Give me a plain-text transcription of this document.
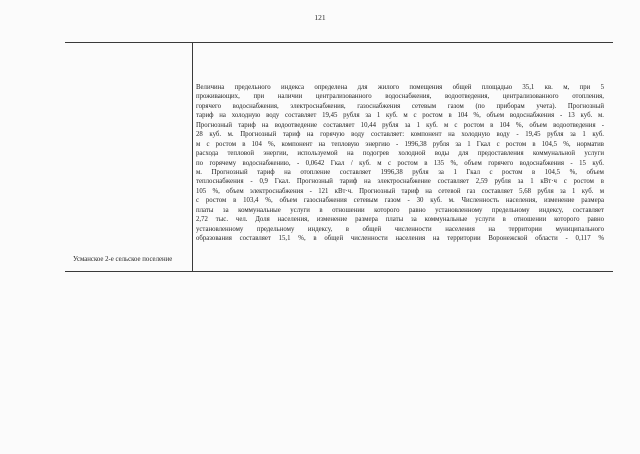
121
Усманское 2-е сельское поселение
Величина предельного индекса определена для жилого помещения общей площадью 35,1 кв. м, при 5
проживающих, при наличии централизованного водоснабжения, водоотведения, централизованного отопления,
горячего водоснабжения, электроснабжения, газоснабжения сетевым газом (по приборам учета). Прогнозный
тариф на холодную воду составляет 19,45 рубля за 1 куб. м с ростом в 104 %, объем водоснабжения - 13 куб. м.
Прогнозный тариф на водоотведение составляет 10,44 рубля за 1 куб. м с ростом в 104 %, объем водоотведения -
28 куб. м. Прогнозный тариф на горячую воду составляет: компонент на холодную воду - 19,45 рубля за 1 куб.
м с ростом в 104 %, компонент на тепловую энергию - 1996,38 рубля за 1 Гкал с ростом в 104,5 %, норматив
расхода тепловой энергии, используемой на подогрев холодной воды для предоставления коммунальной услуги
по горячему водоснабжению, - 0,0642 Гкал / куб. м с ростом в 135 %, объем горячего водоснабжения - 15 куб.
м. Прогнозный тариф на отопление составляет 1996,38 рубля за 1 Гкал с ростом в 104,5 %, объем
теплоснабжения - 0,9 Гкал. Прогнозный тариф на электроснабжение составляет 2,59 рубля за 1 кВт·ч с ростом в
105 %, объем электроснабжения - 121 кВт·ч. Прогнозный тариф на сетевой газ составляет 5,68 рубля за 1 куб. м
с ростом в 103,4 %, объем газоснабжения сетевым газом - 30 куб. м. Численность населения, изменение размера
платы за коммунальные услуги в отношении которого равно установленному предельному индексу, составляет
2,72 тыс. чел. Доля населения, изменение размера платы за коммунальные услуги в отношении которого равно
установленному предельному индексу, в общей численности населения на территории муниципального
образования составляет 15,1 %, в общей численности населения на территории Воронежской области - 0,117 %
